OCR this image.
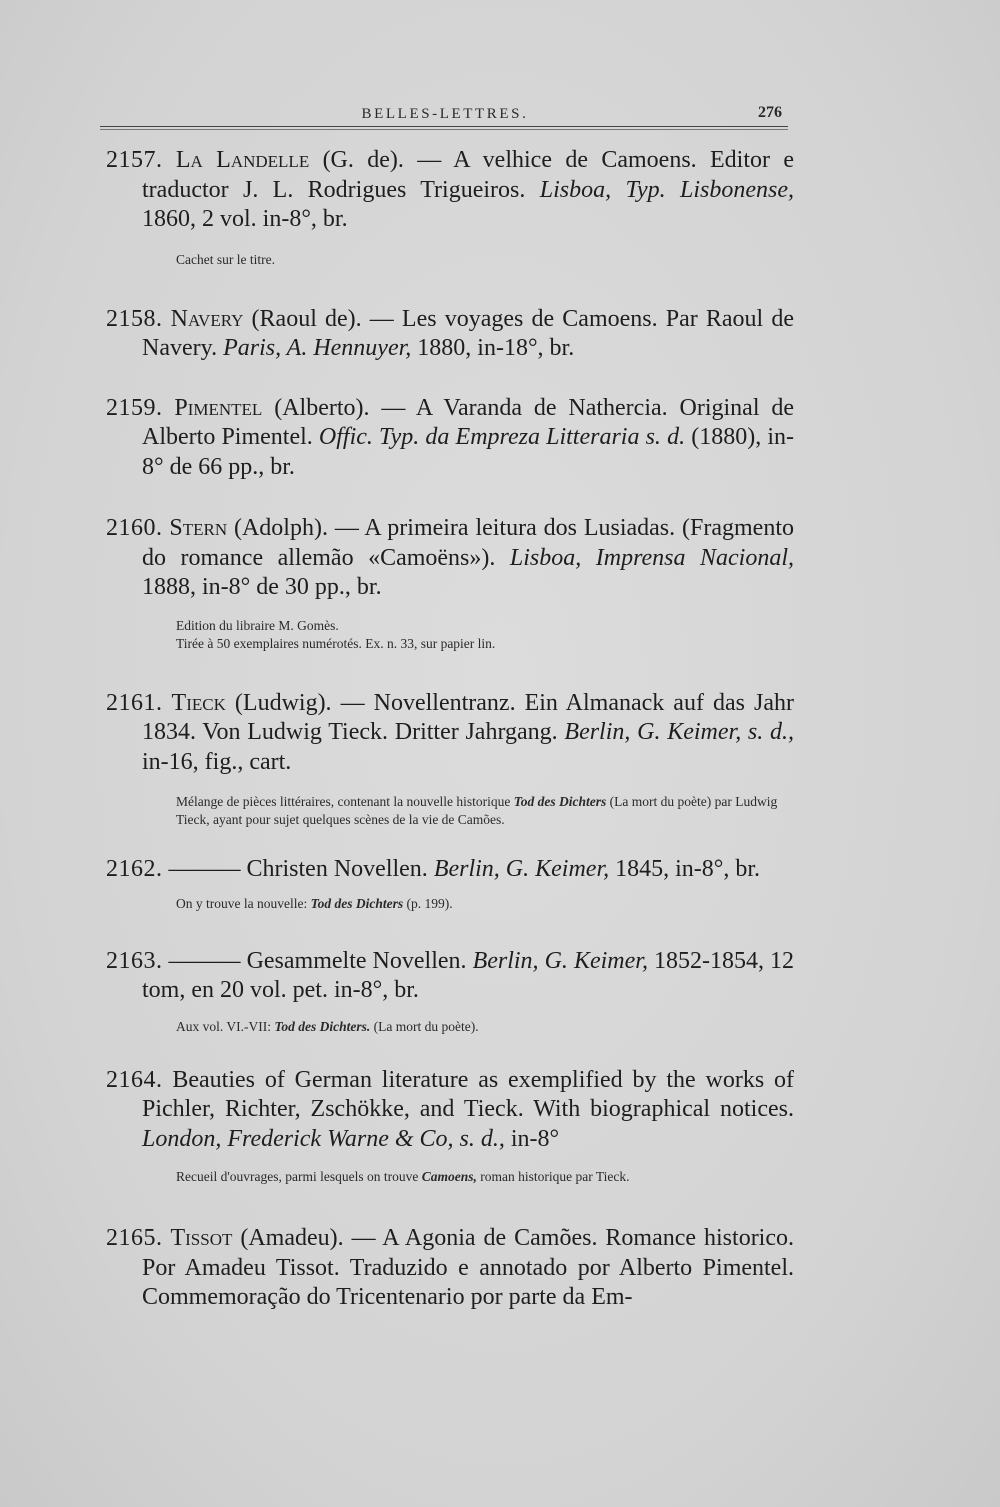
BELLES-LETTRES.	276

2157. La Landelle (G. de). — A velhice de Camoens. Editor e traductor J. L. Rodrigues Trigueiros. Lisboa, Typ. Lisbonense, 1860, 2 vol. in-8°, br.

Cachet sur le titre.

2158. Navery (Raoul de). — Les voyages de Camoens. Par Raoul de Navery. Paris, A. Hennuyer, 1880, in-18°, br.

2159. Pimentel (Alberto). — A Varanda de Nathercia. Original de Alberto Pimentel. Offic. Typ. da Empreza Litteraria s. d. (1880), in-8° de 66 pp., br.

2160. Stern (Adolph). — A primeira leitura dos Lusiadas. (Fragmento do romance allemão «Camoëns»). Lisboa, Imprensa Nacional, 1888, in-8° de 30 pp., br.

Edition du libraire M. Gomès.

Tirée à 50 exemplaires numérotés. Ex. n. 33, sur papier lin.

2161. Tieck (Ludwig). — Novellentranz. Ein Almanack auf das Jahr 1834. Von Ludwig Tieck. Dritter Jahrgang. Berlin, G. Keimer, s. d., in-16, fig., cart.

Mélange de pièces littéraires, contenant la nouvelle historique Tod des Dichters (La mort du poète) par Ludwig Tieck, ayant pour sujet quelques scènes de la vie de Camões.

2162. ——— Christen Novellen. Berlin, G. Keimer, 1845, in-8°, br.

On y trouve la nouvelle: Tod des Dichters (p. 199).

2163. ——— Gesammelte Novellen. Berlin, G. Keimer, 1852-1854, 12 tom, en 20 vol. pet. in-8°, br.

Aux vol. VI.-VII: Tod des Dichters. (La mort du poète).

2164. Beauties of German literature as exemplified by the works of Pichler, Richter, Zschökke, and Tieck. With biographical notices. London, Frederick Warne & Co, s. d., in-8°

Recueil d'ouvrages, parmi lesquels on trouve Camoens, roman historique par Tieck.

2165. Tissot (Amadeu). — A Agonia de Camões. Romance historico. Por Amadeu Tissot. Traduzido e annotado por Alberto Pimentel. Commemoração do Tricentenario por parte da Em-
